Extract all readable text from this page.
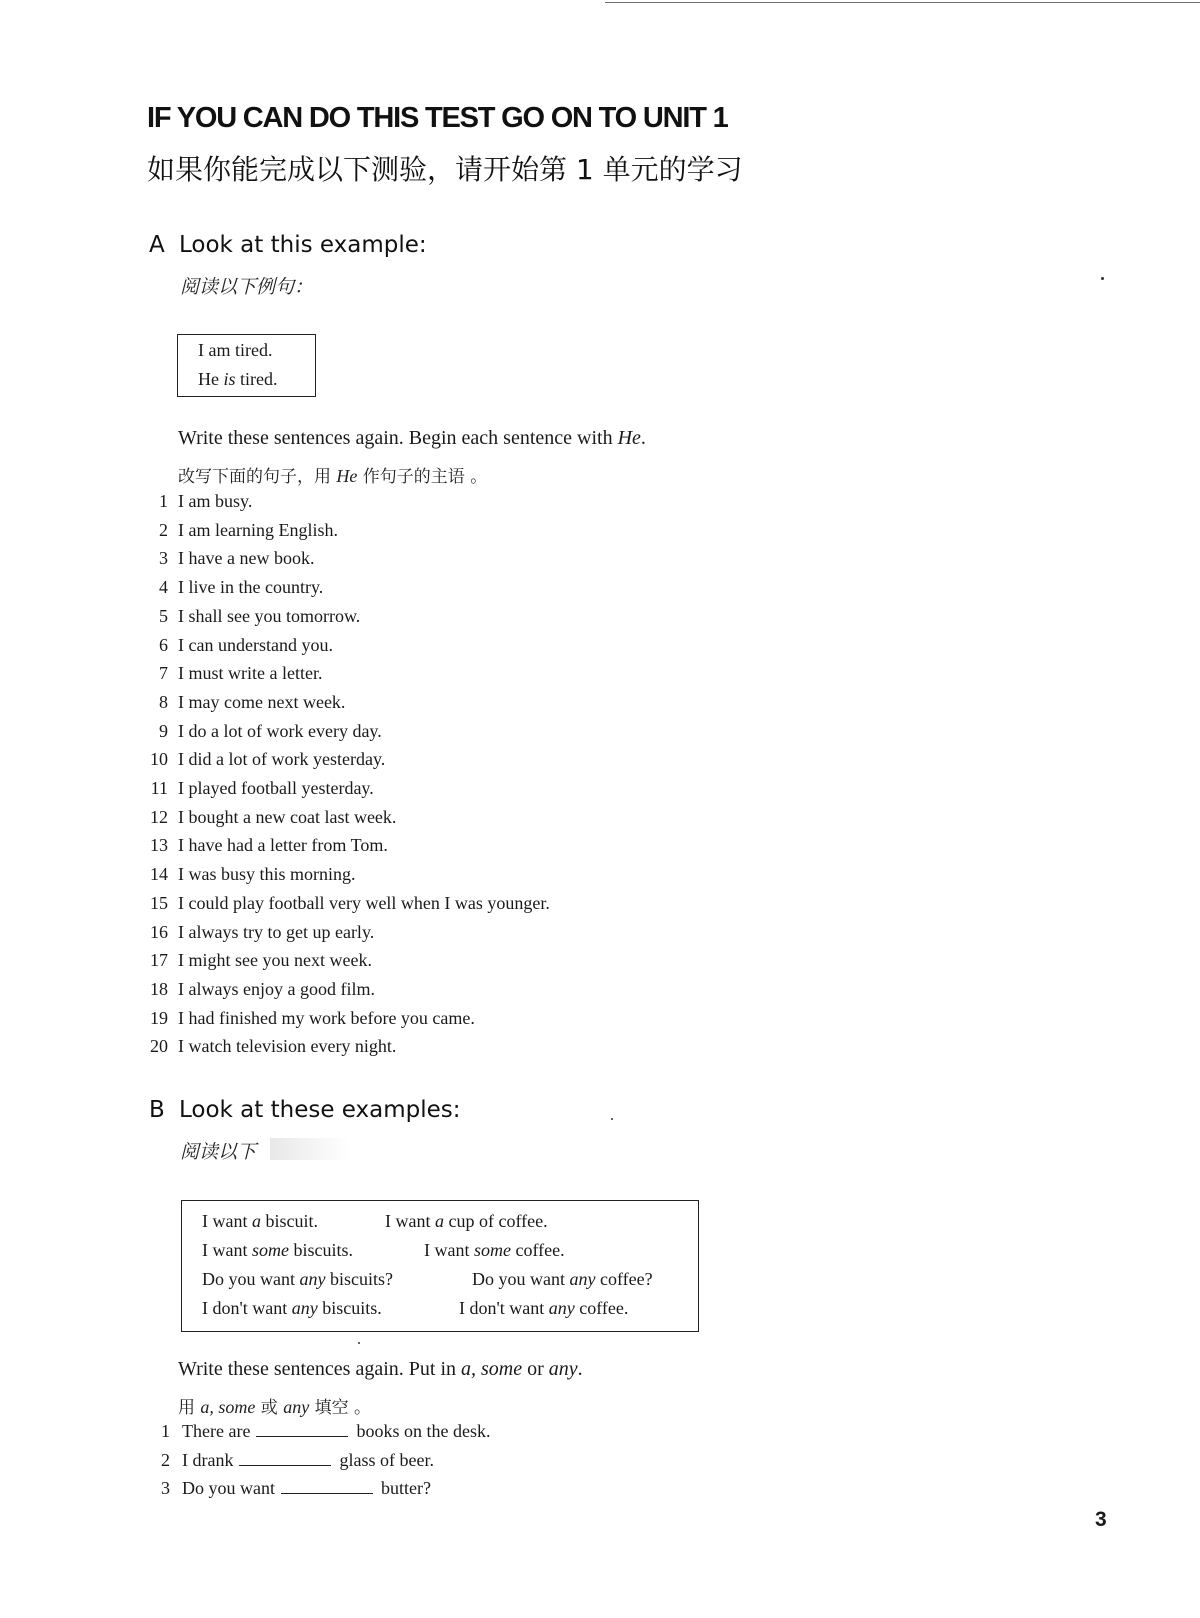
IF YOU CAN DO THIS TEST GO ON TO UNIT 1
如果你能完成以下测验，请开始第 1 单元的学习
A Look at this example:
阅读以下例句：
I am tired.
He is tired.

Write these sentences again. Begin each sentence with He.

改写下面的句子，用 He 作句子的主语 。

1 I am busy.
2 I am learning English.
3 I have a new book.
4 I live in the country.
5 I shall see you tomorrow.
6 I can understand you.
7 I must write a letter.
8 I may come next week.
9 I do a lot of work every day.
10 I did a lot of work yesterday.
11 I played football yesterday.
12 I bought a new coat last week.
13 I have had a letter from Tom.
14 I was busy this morning.
15 I could play football very well when I was younger.
16 I always try to get up early.
17 I might see you next week.
18 I always enjoy a good film.
19 I had finished my work before you came.
20 I watch television every night.
B Look at these examples:
阅读以下
I want a biscuit.	I want a cup of coffee.
I want some biscuits.	I want some coffee.
Do you want any biscuits?	Do you want any coffee?
I don't want any biscuits.	I don't want any coffee.

Write these sentences again. Put in a, some or any.

用 a, some 或 any 填空 。

1 There are	books on the desk.
2 I drank	glass of beer.
3 Do you want	butter?
3
